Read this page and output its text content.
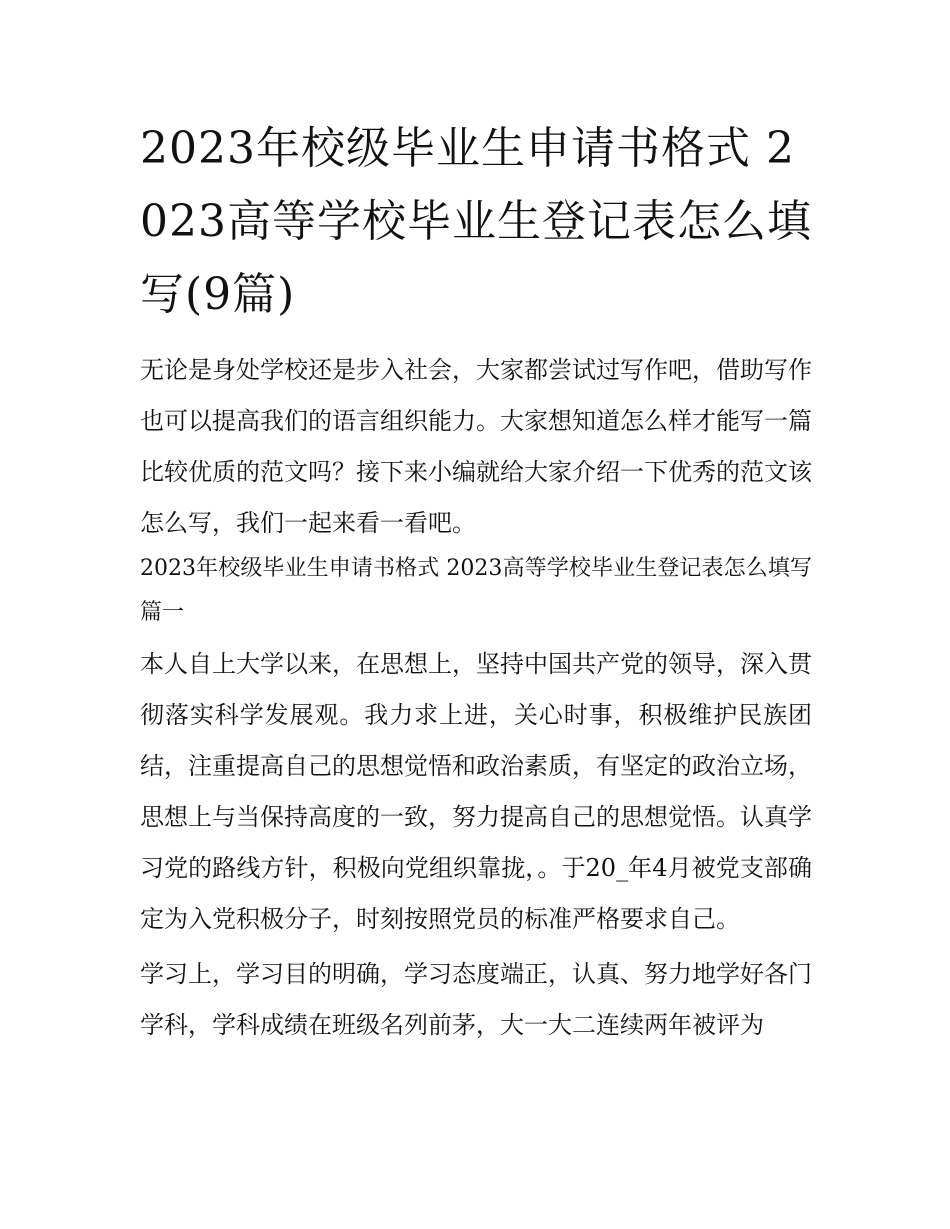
2023年校级毕业生申请书格式 2023高等学校毕业生登记表怎么填写(9篇)

无论是身处学校还是步入社会，大家都尝试过写作吧，借助写作也可以提高我们的语言组织能力。大家想知道怎么样才能写一篇比较优质的范文吗？接下来小编就给大家介绍一下优秀的范文该怎么写，我们一起来看一看吧。

2023年校级毕业生申请书格式 2023高等学校毕业生登记表怎么填写篇一

本人自上大学以来，在思想上，坚持中国共产党的领导，深入贯彻落实科学发展观。我力求上进，关心时事，积极维护民族团结，注重提高自己的思想觉悟和政治素质，有坚定的政治立场，思想上与当保持高度的一致，努力提高自己的思想觉悟。认真学习党的路线方针，积极向党组织靠拢，。于20_年4月被党支部确定为入党积极分子，时刻按照党员的标准严格要求自己。

学习上，学习目的明确，学习态度端正，认真、努力地学好各门学科，学科成绩在班级名列前茅，大一大二连续两年被评为
